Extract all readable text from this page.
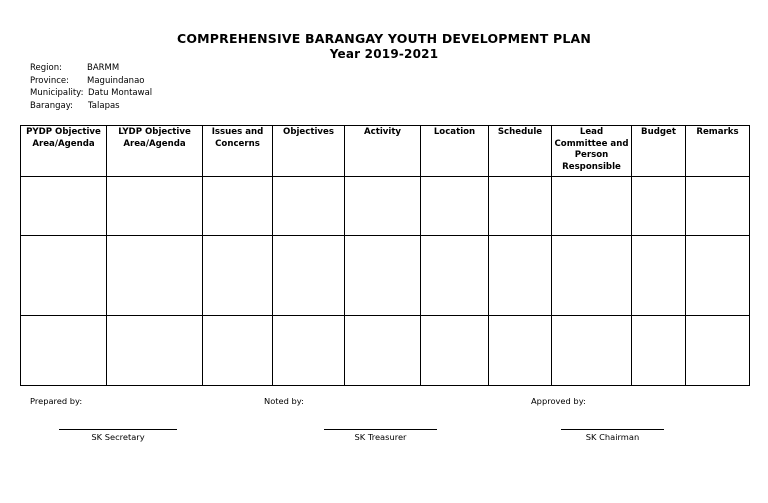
COMPREHENSIVE BARANGAY YOUTH DEVELOPMENT PLAN
Year 2019-2021
Region:	BARMM
Province:	Maguindanao
Municipality: Datu Montawal
Barangay:	Talapas
PYDP Objective Area/Agenda	LYDP Objective Area/Agenda	Issues and Concerns	Objectives	Activity	Location	Schedule	Lead Committee and Person Responsible	Budget	Remarks

Prepared by:	Noted by:	Approved by:
SK Secretary	SK Treasurer	SK Chairman
